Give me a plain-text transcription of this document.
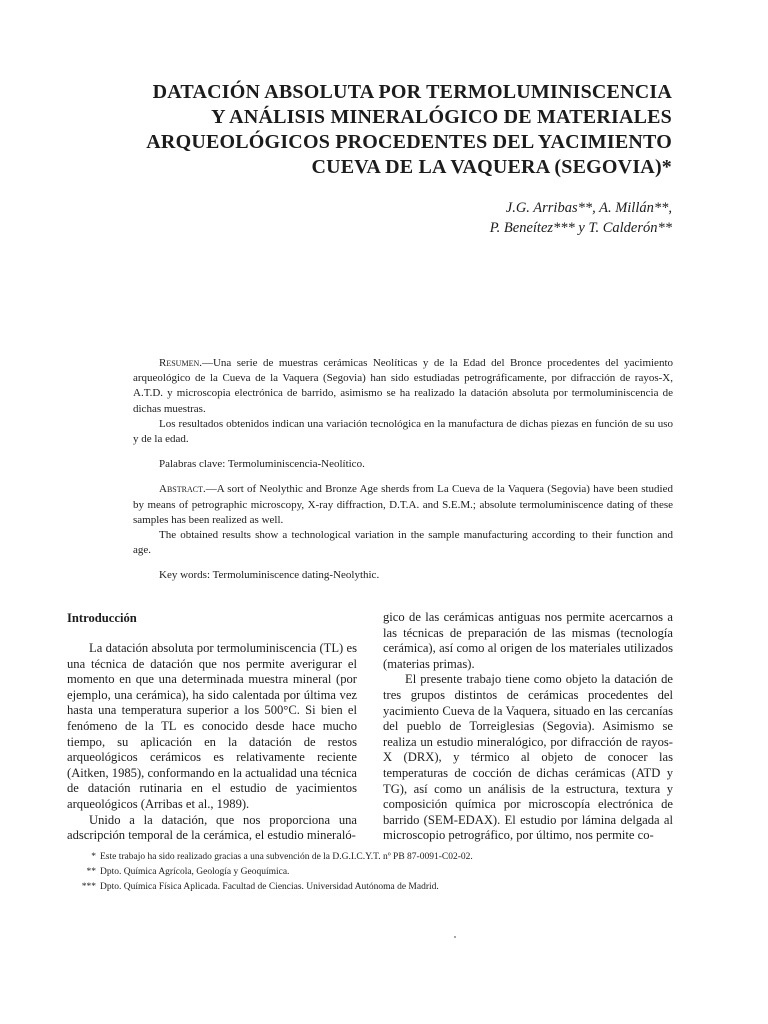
DATACIÓN ABSOLUTA POR TERMOLUMINISCENCIA
Y ANÁLISIS MINERALÓGICO DE MATERIALES
ARQUEOLÓGICOS PROCEDENTES DEL YACIMIENTO
CUEVA DE LA VAQUERA (SEGOVIA)*
J.G. Arribas**, A. Millán**,
P. Beneítez*** y T. Calderón**

Resumen.—Una serie de muestras cerámicas Neolíticas y de la Edad del Bronce procedentes del yacimiento arqueológico de la Cueva de la Vaquera (Segovia) han sido estudiadas petrográficamente, por difracción de rayos-X, A.T.D. y microscopia electrónica de barrido, asimismo se ha realizado la datación absoluta por termoluminiscencia de dichas muestras.

Los resultados obtenidos indican una variación tecnológica en la manufactura de dichas piezas en función de su uso y de la edad.

Palabras clave: Termoluminiscencia-Neolítico.

Abstract.—A sort of Neolythic and Bronze Age sherds from La Cueva de la Vaquera (Segovia) have been studied by means of petrographic microscopy, X-ray diffraction, D.T.A. and S.E.M.; absolute termoluminiscence dating of these samples has been realized as well.

The obtained results show a technological variation in the sample manufacturing according to their function and age.

Key words: Termoluminiscence dating-Neolythic.

Introducción

La datación absoluta por termoluminiscencia (TL) es una técnica de datación que nos permite averigurar el momento en que una determinada muestra mineral (por ejemplo, una cerámica), ha sido calentada por última vez hasta una temperatura superior a los 500°C. Si bien el fenómeno de la TL es conocido desde hace mucho tiempo, su aplicación en la datación de restos arqueológicos cerámicos es relativamente reciente (Aitken, 1985), conformando en la actualidad una técnica de datación rutinaria en el estudio de yacimientos arqueológicos (Arribas et al., 1989).

Unido a la datación, que nos proporciona una adscripción temporal de la cerámica, el estudio mineraló-

gico de las cerámicas antiguas nos permite acercarnos a las técnicas de preparación de las mismas (tecnología cerámica), así como al origen de los materiales utilizados (materias primas).

El presente trabajo tiene como objeto la datación de tres grupos distintos de cerámicas procedentes del yacimiento Cueva de la Vaquera, situado en las cercanías del pueblo de Torreiglesias (Segovia). Asimismo se realiza un estudio mineralógico, por difracción de rayos-X (DRX), y térmico al objeto de conocer las temperaturas de cocción de dichas cerámicas (ATD y TG), así como un análisis de la estructura, textura y composición química por microscopía electrónica de barrido (SEM-EDAX). El estudio por lámina delgada al microscopio petrográfico, por último, nos permite co-

* Este trabajo ha sido realizado gracias a una subvención de la D.G.I.C.Y.T. nº PB 87-0091-C02-02.
** Dpto. Química Agrícola, Geología y Geoquímica.
*** Dpto. Química Física Aplicada. Facultad de Ciencias. Universidad Autónoma de Madrid.
